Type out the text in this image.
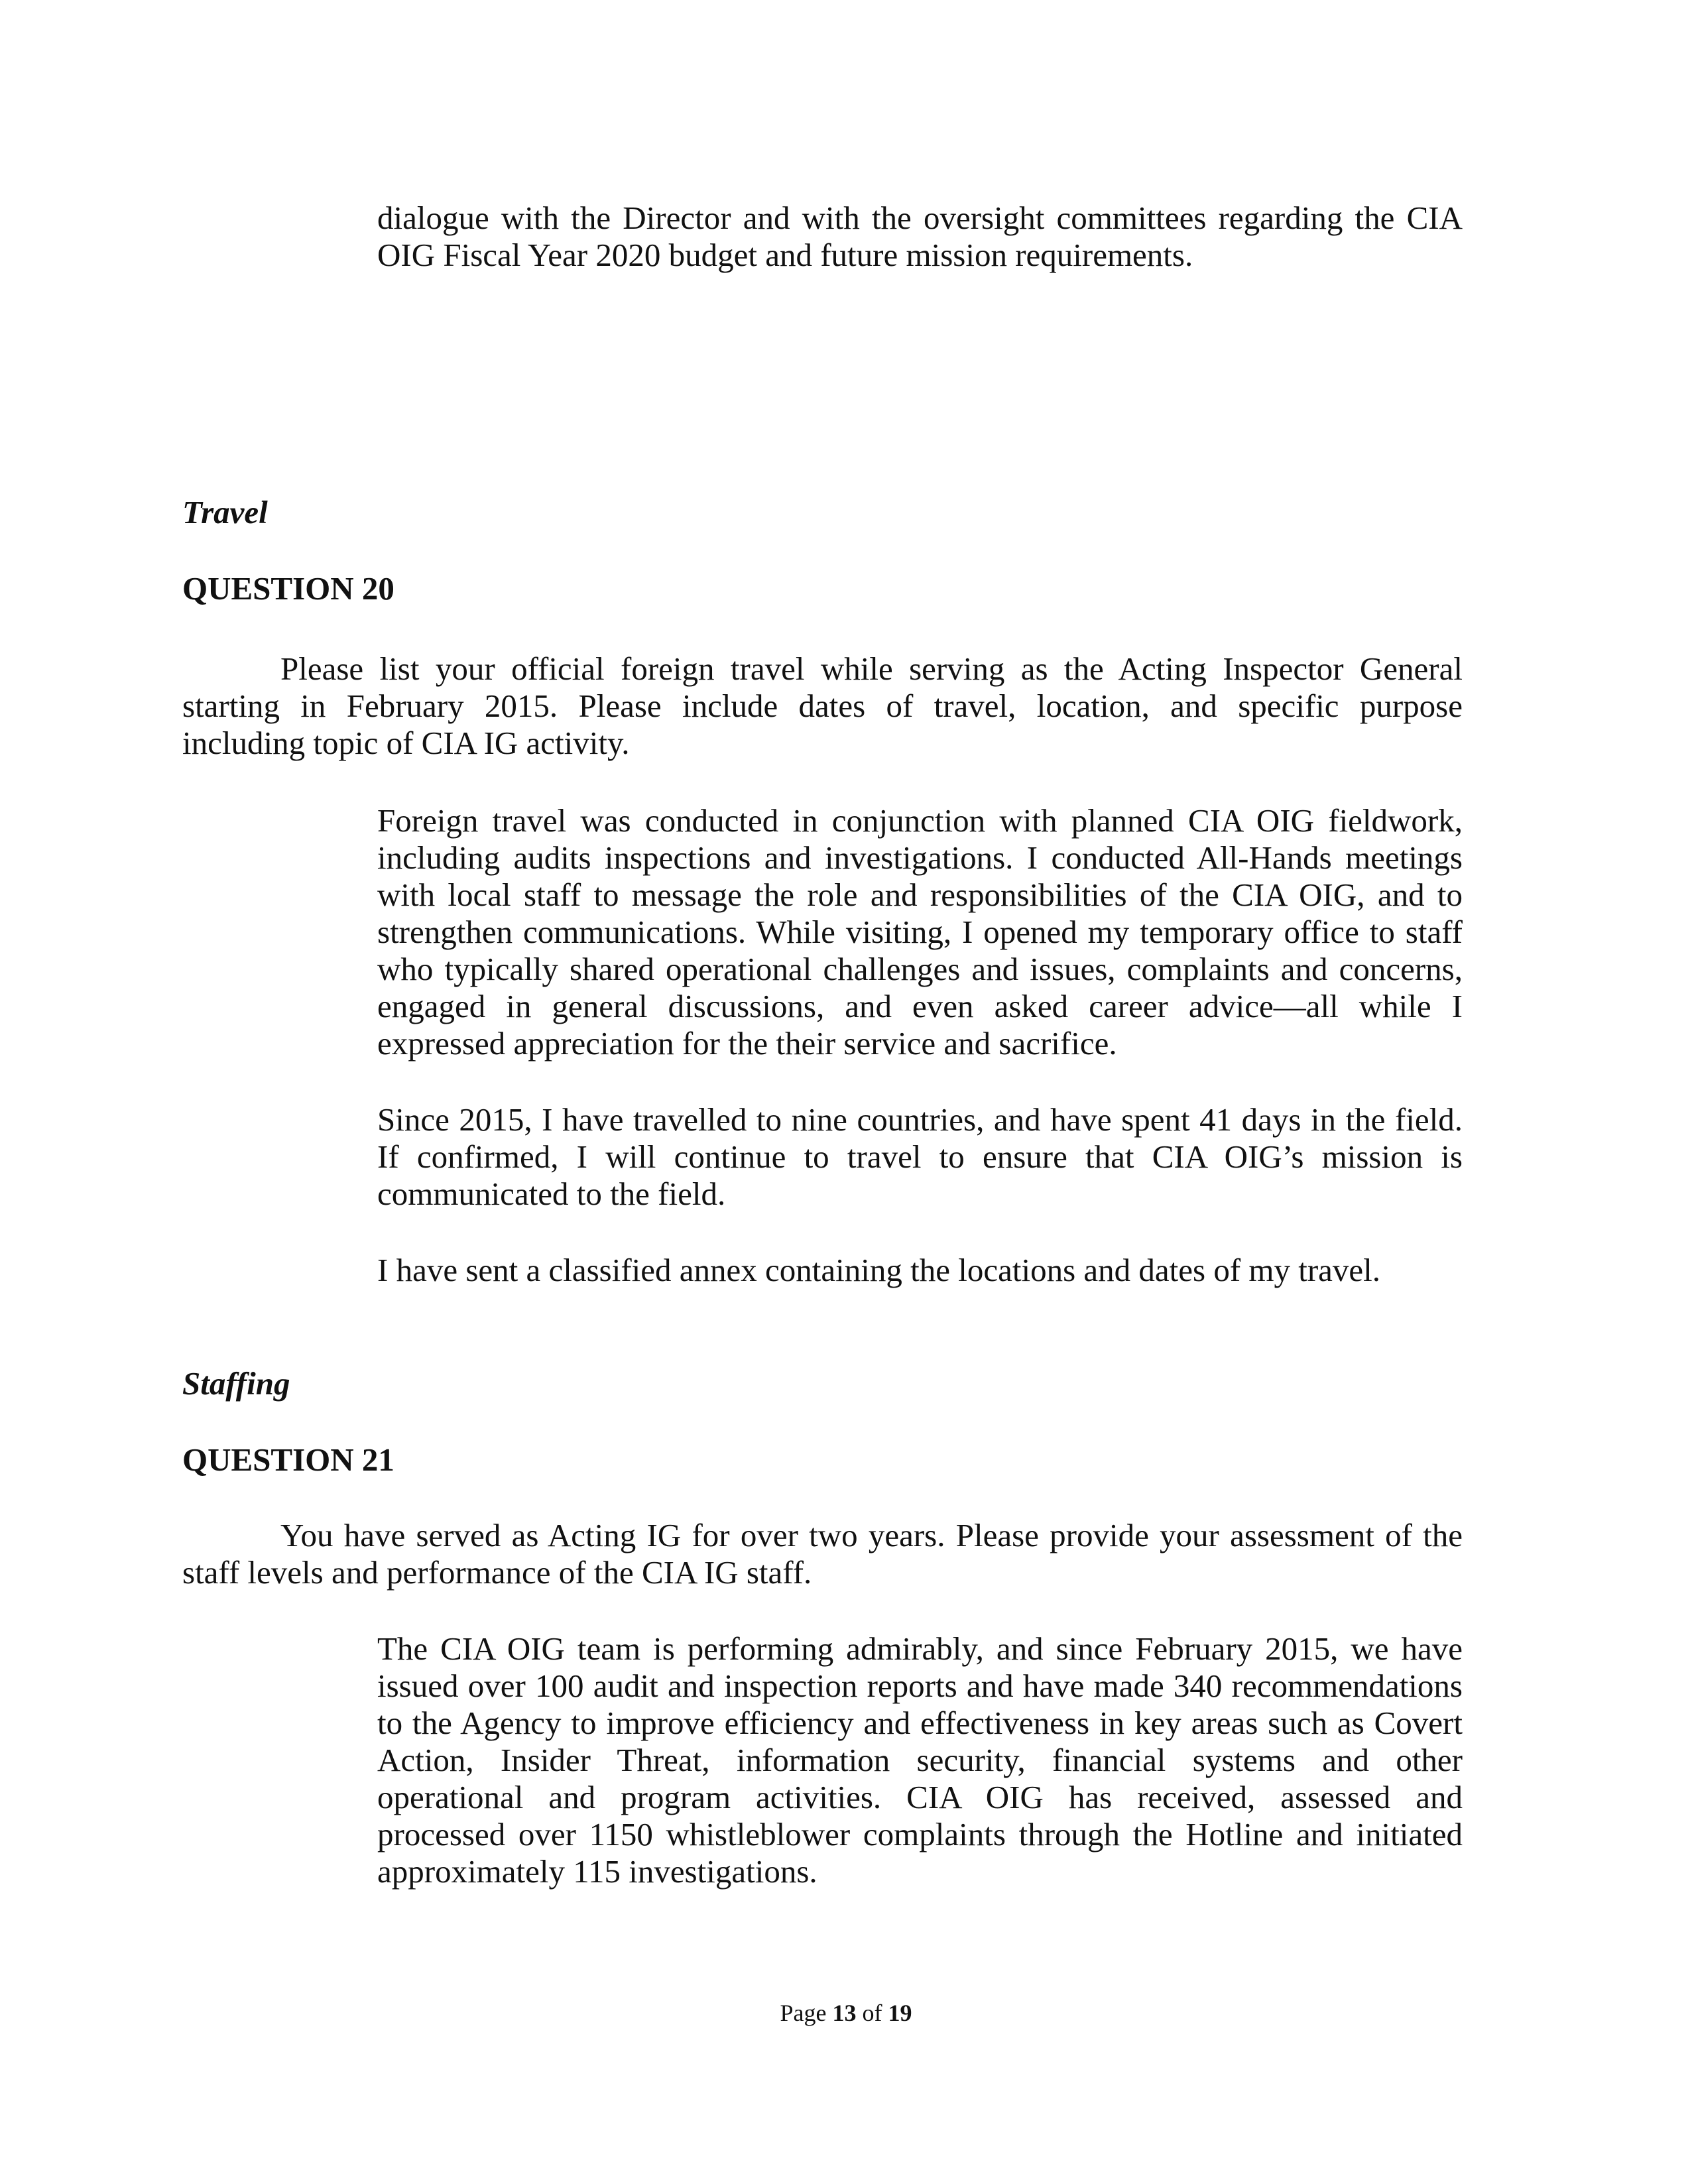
dialogue with the Director and with the oversight committees regarding the CIA
OIG Fiscal Year 2020 budget and future mission requirements.
Travel
QUESTION 20
Please list your official foreign travel while serving as the Acting Inspector General
starting in February 2015. Please include dates of travel, location, and specific purpose
including topic of CIA IG activity.
Foreign travel was conducted in conjunction with planned CIA OIG fieldwork,
including audits inspections and investigations. I conducted All-Hands meetings
with local staff to message the role and responsibilities of the CIA OIG, and to
strengthen communications. While visiting, I opened my temporary office to staff
who typically shared operational challenges and issues, complaints and concerns,
engaged in general discussions, and even asked career advice—all while I
expressed appreciation for the their service and sacrifice.
Since 2015, I have travelled to nine countries, and have spent 41 days in the field.
If confirmed, I will continue to travel to ensure that CIA OIG’s mission is
communicated to the field.
I have sent a classified annex containing the locations and dates of my travel.
Staffing
QUESTION 21
You have served as Acting IG for over two years. Please provide your assessment of the
staff levels and performance of the CIA IG staff.
The CIA OIG team is performing admirably, and since February 2015, we have
issued over 100 audit and inspection reports and have made 340 recommendations
to the Agency to improve efficiency and effectiveness in key areas such as Covert
Action, Insider Threat, information security, financial systems and other
operational and program activities. CIA OIG has received, assessed and
processed over 1150 whistleblower complaints through the Hotline and initiated
approximately 115 investigations.
Page 13 of 19
